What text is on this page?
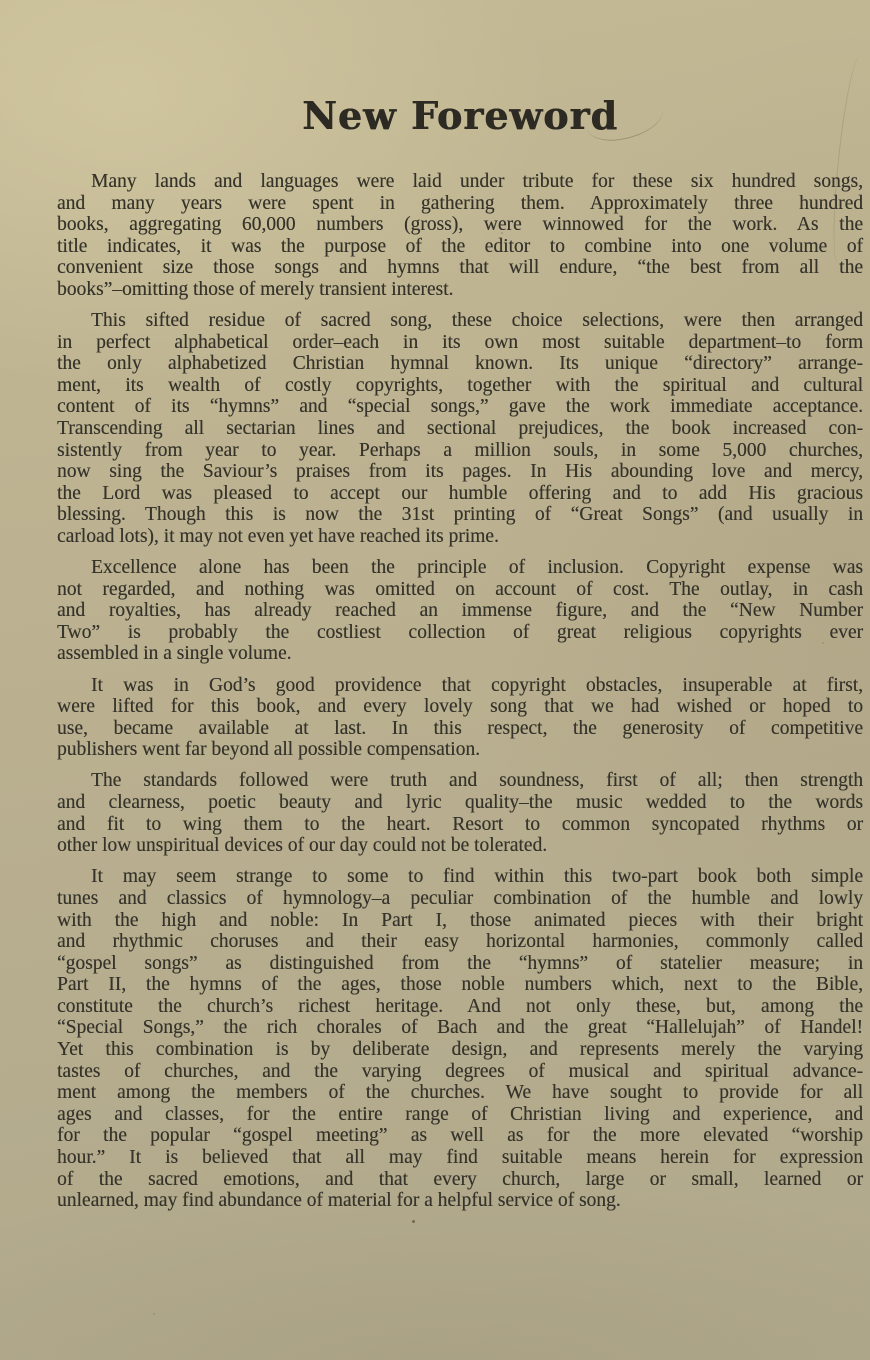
New Foreword
Many lands and languages were laid under tribute for these six hundred songs,
and many years were spent in gathering them. Approximately three hundred
books, aggregating 60,000 numbers (gross), were winnowed for the work. As the
title indicates, it was the purpose of the editor to combine into one volume of
convenient size those songs and hymns that will endure, “the best from all the
books”–omitting those of merely transient interest.
This sifted residue of sacred song, these choice selections, were then arranged
in perfect alphabetical order–each in its own most suitable department–to form
the only alphabetized Christian hymnal known. Its unique “directory” arrange-
ment, its wealth of costly copyrights, together with the spiritual and cultural
content of its “hymns” and “special songs,” gave the work immediate acceptance.
Transcending all sectarian lines and sectional prejudices, the book increased con-
sistently from year to year. Perhaps a million souls, in some 5,000 churches,
now sing the Saviour’s praises from its pages. In His abounding love and mercy,
the Lord was pleased to accept our humble offering and to add His gracious
blessing. Though this is now the 31st printing of “Great Songs” (and usually in
carload lots), it may not even yet have reached its prime.
Excellence alone has been the principle of inclusion. Copyright expense was
not regarded, and nothing was omitted on account of cost. The outlay, in cash
and royalties, has already reached an immense figure, and the “New Number
Two” is probably the costliest collection of great religious copyrights ever
assembled in a single volume.
It was in God’s good providence that copyright obstacles, insuperable at first,
were lifted for this book, and every lovely song that we had wished or hoped to
use, became available at last. In this respect, the generosity of competitive
publishers went far beyond all possible compensation.
The standards followed were truth and soundness, first of all; then strength
and clearness, poetic beauty and lyric quality–the music wedded to the words
and fit to wing them to the heart. Resort to common syncopated rhythms or
other low unspiritual devices of our day could not be tolerated.
It may seem strange to some to find within this two-part book both simple
tunes and classics of hymnology–a peculiar combination of the humble and lowly
with the high and noble: In Part I, those animated pieces with their bright
and rhythmic choruses and their easy horizontal harmonies, commonly called
“gospel songs” as distinguished from the “hymns” of statelier measure; in
Part II, the hymns of the ages, those noble numbers which, next to the Bible,
constitute the church’s richest heritage. And not only these, but, among the
“Special Songs,” the rich chorales of Bach and the great “Hallelujah” of Handel!
Yet this combination is by deliberate design, and represents merely the varying
tastes of churches, and the varying degrees of musical and spiritual advance-
ment among the members of the churches. We have sought to provide for all
ages and classes, for the entire range of Christian living and experience, and
for the popular “gospel meeting” as well as for the more elevated “worship
hour.” It is believed that all may find suitable means herein for expression
of the sacred emotions, and that every church, large or small, learned or
unlearned, may find abundance of material for a helpful service of song.
